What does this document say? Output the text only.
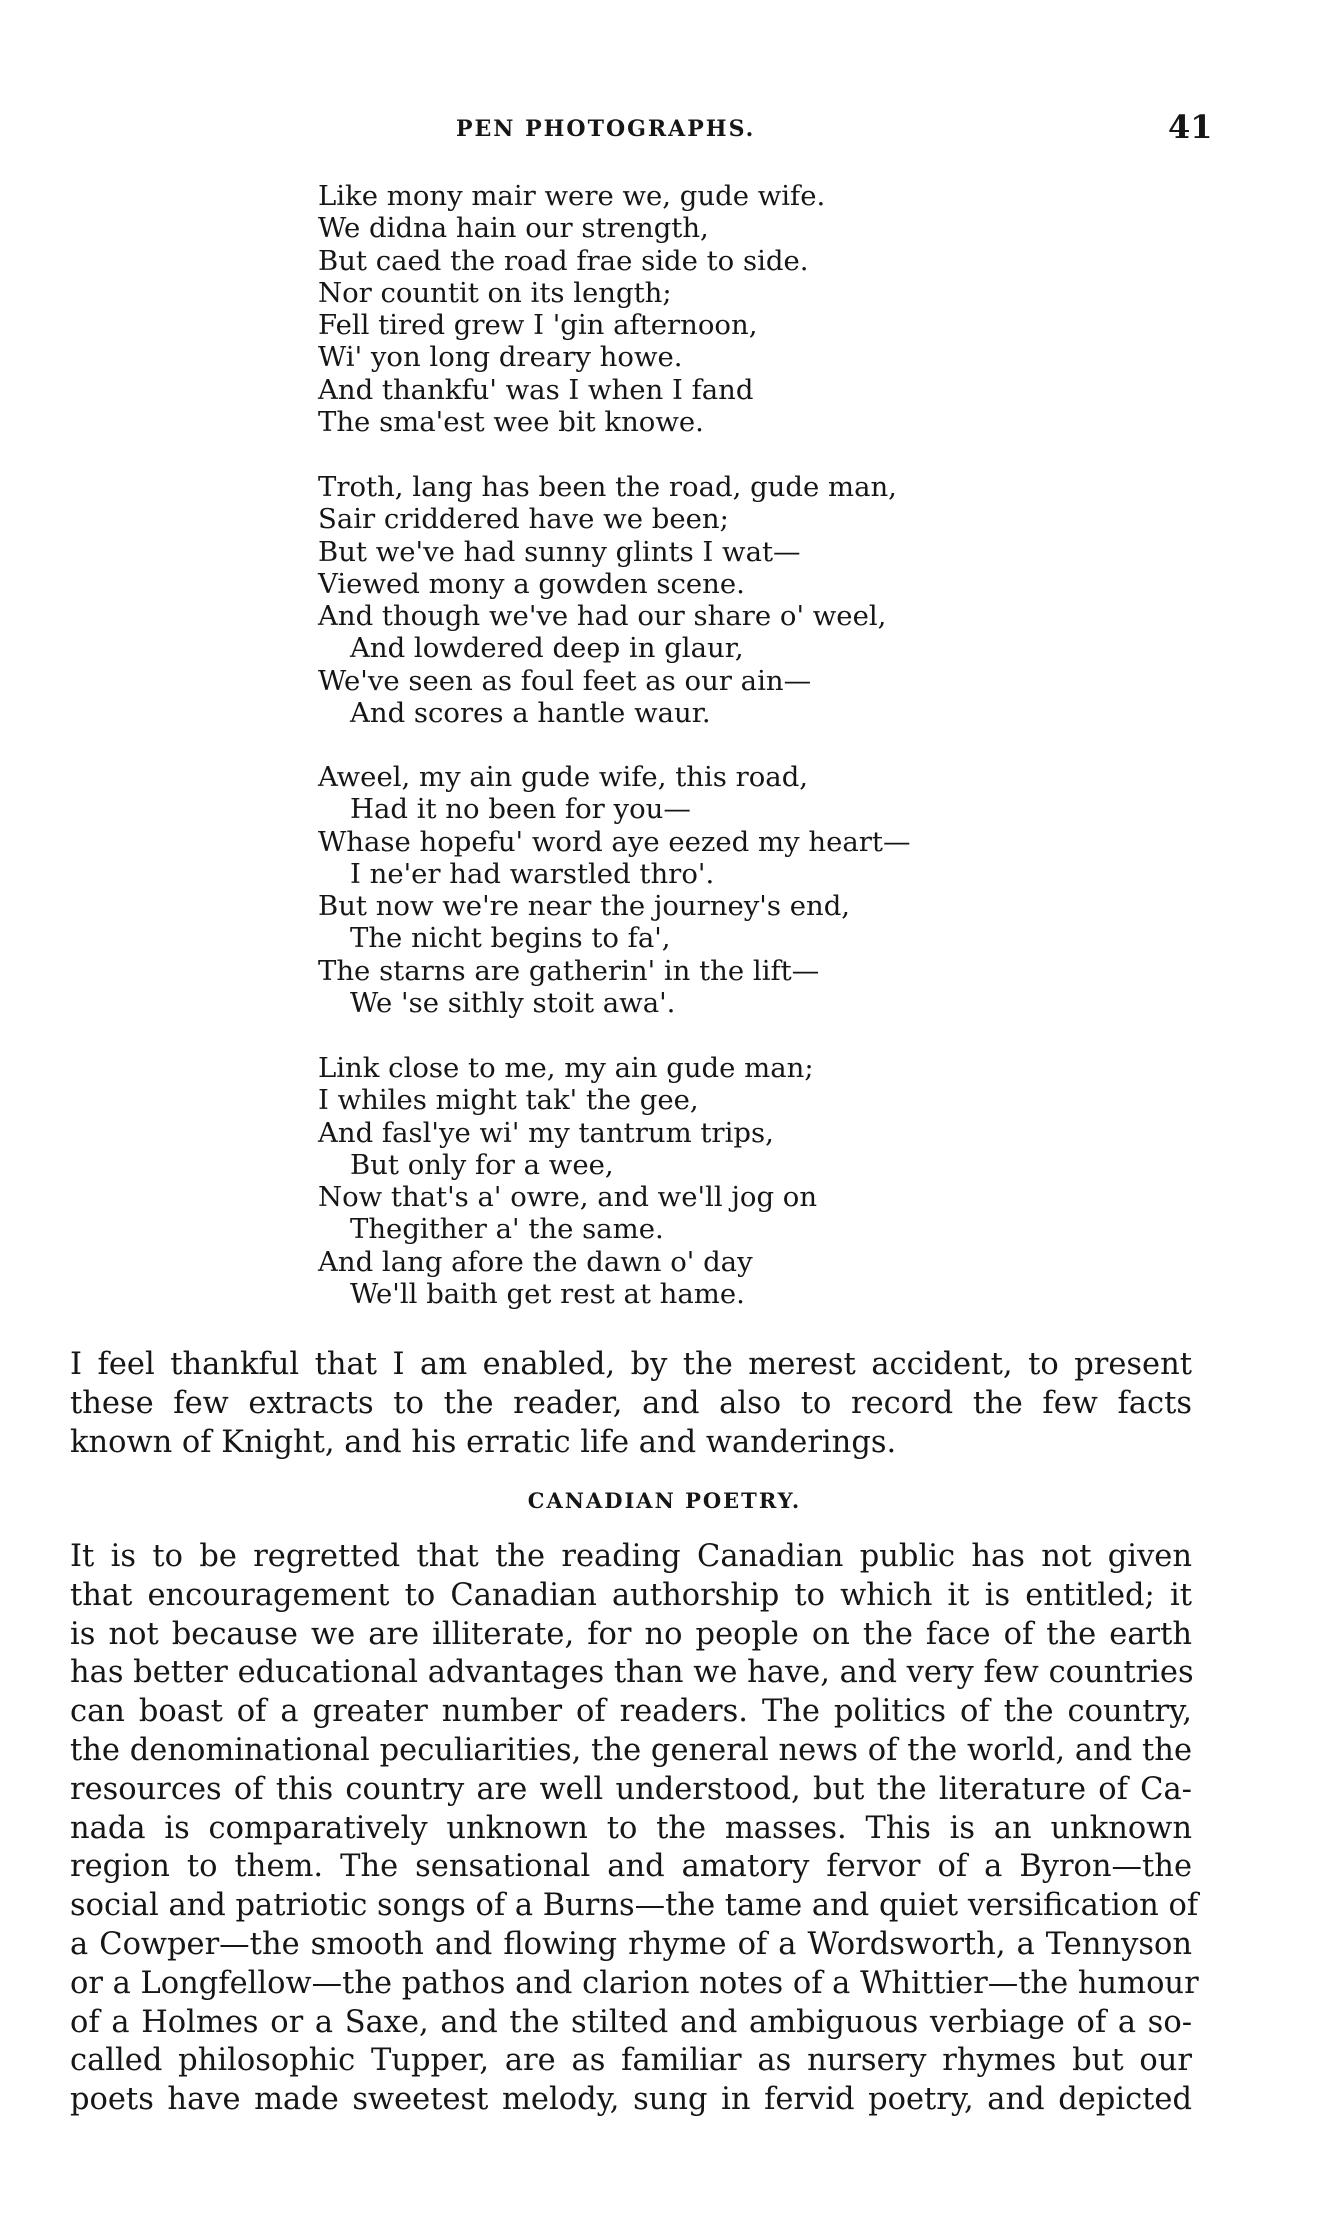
PEN PHOTOGRAPHS.	41
Like mony mair were we, gude wife.
We didna hain our strength,
But caed the road frae side to side.
Nor countit on its length;
Fell tired grew I 'gin afternoon,
Wi' yon long dreary howe.
And thankfu' was I when I fand
The sma'est wee bit knowe.
Troth, lang has been the road, gude man,
Sair criddered have we been;
But we've had sunny glints I wat—
Viewed mony a gowden scene.
And though we've had our share o' weel,
And lowdered deep in glaur,
We've seen as foul feet as our ain—
And scores a hantle waur.
Aweel, my ain gude wife, this road,
Had it no been for you—
Whase hopefu' word aye eezed my heart—
I ne'er had warstled thro'.
But now we're near the journey's end,
The nicht begins to fa',
The starns are gatherin' in the lift—
We 'se sithly stoit awa'.
Link close to me, my ain gude man;
I whiles might tak' the gee,
And fasl'ye wi' my tantrum trips,
But only for a wee,
Now that's a' owre, and we'll jog on
Thegither a' the same.
And lang afore the dawn o' day
We'll baith get rest at hame.
I feel thankful that I am enabled, by the merest accident, to present
these few extracts to the reader, and also to record the few facts
known of Knight, and his erratic life and wanderings.
CANADIAN POETRY.
It is to be regretted that the reading Canadian public has not given
that encouragement to Canadian authorship to which it is entitled; it
is not because we are illiterate, for no people on the face of the earth
has better educational advantages than we have, and very few countries
can boast of a greater number of readers. The politics of the country,
the denominational peculiarities, the general news of the world, and the
resources of this country are well understood, but the literature of Ca-
nada is comparatively unknown to the masses. This is an unknown
region to them. The sensational and amatory fervor of a Byron—the
social and patriotic songs of a Burns—the tame and quiet versification of
a Cowper—the smooth and flowing rhyme of a Wordsworth, a Tennyson
or a Longfellow—the pathos and clarion notes of a Whittier—the humour
of a Holmes or a Saxe, and the stilted and ambiguous verbiage of a so-
called philosophic Tupper, are as familiar as nursery rhymes but our
poets have made sweetest melody, sung in fervid poetry, and depicted
